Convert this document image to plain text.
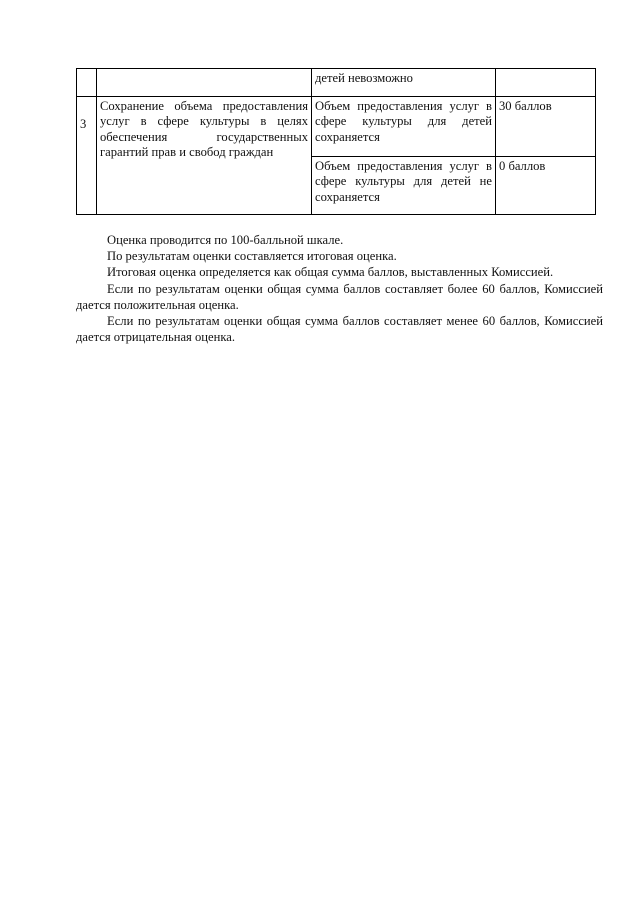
		детей невозможно	
3	Сохранение объема предоставления услуг в сфере культуры в целях обеспечения государственных гарантий прав и свобод граждан	Объем предоставления услуг в сфере культуры для детей сохраняется	30 баллов
		Объем предоставления услуг в сфере культуры для детей не сохраняется	0 баллов

Оценка проводится по 100-балльной шкале.

По результатам оценки составляется итоговая оценка.

Итоговая оценка определяется как общая сумма баллов, выставленных Комиссией.

Если по результатам оценки общая сумма баллов составляет более 60 баллов, Комиссией дается положительная оценка.

Если по результатам оценки общая сумма баллов составляет менее 60 баллов, Комиссией дается отрицательная оценка.
